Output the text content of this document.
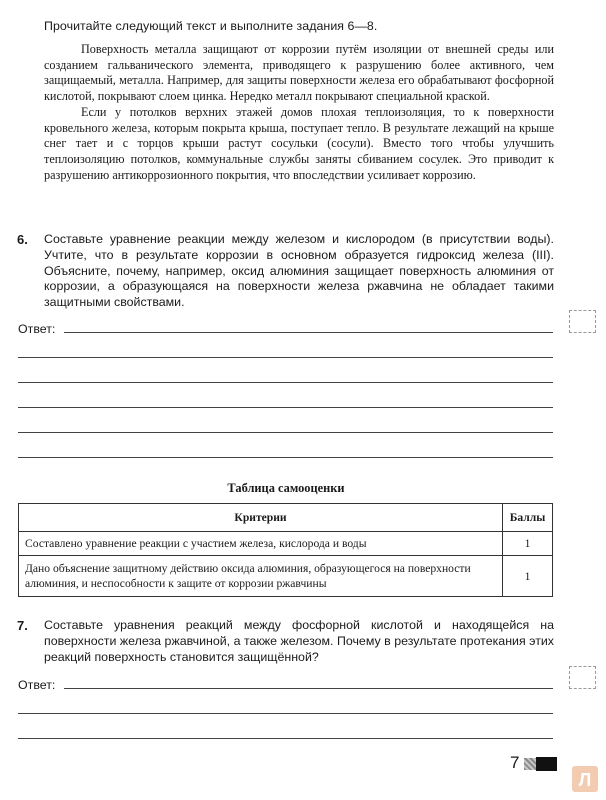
Прочитайте следующий текст и выполните задания 6—8.

Поверхность металла защищают от коррозии путём изоляции от внешней среды или созданием гальванического элемента, приводящего к разрушению более активного, чем защищаемый, металла. Например, для защиты поверхности железа его обрабатывают фосфорной кислотой, покрывают слоем цинка. Нередко металл покрывают специальной краской.

Если у потолков верхних этажей домов плохая теплоизоляция, то к поверхности кровельного железа, которым покрыта крыша, поступает тепло. В результате лежащий на крыше снег тает и с торцов крыши растут сосульки (сосули). Вместо того чтобы улучшить теплоизоляцию потолков, коммунальные службы заняты сбиванием сосулек. Это приводит к разрушению антикоррозионного покрытия, что впоследствии усиливает коррозию.

6. Составьте уравнение реакции между железом и кислородом (в присутствии воды). Учтите, что в результате коррозии в основном образуется гидроксид железа (III). Объясните, почему, например, оксид алюминия защищает поверхность алюминия от коррозии, а образующаяся на поверхности железа ржавчина не обладает такими защитными свойствами.
Ответ:
Таблица самооценки
Критерии	Баллы
Составлено уравнение реакции с участием железа, кислорода и воды	1
Дано объяснение защитному действию оксида алюминия, образующегося на поверхности алюминия, и неспособности к защите от коррозии ржавчины	1
7. Составьте уравнения реакций между фосфорной кислотой и находящейся на поверхности железа ржавчиной, а также железом. Почему в результате протекания этих реакций поверхность становится защищённой?
Ответ:
7
Л
